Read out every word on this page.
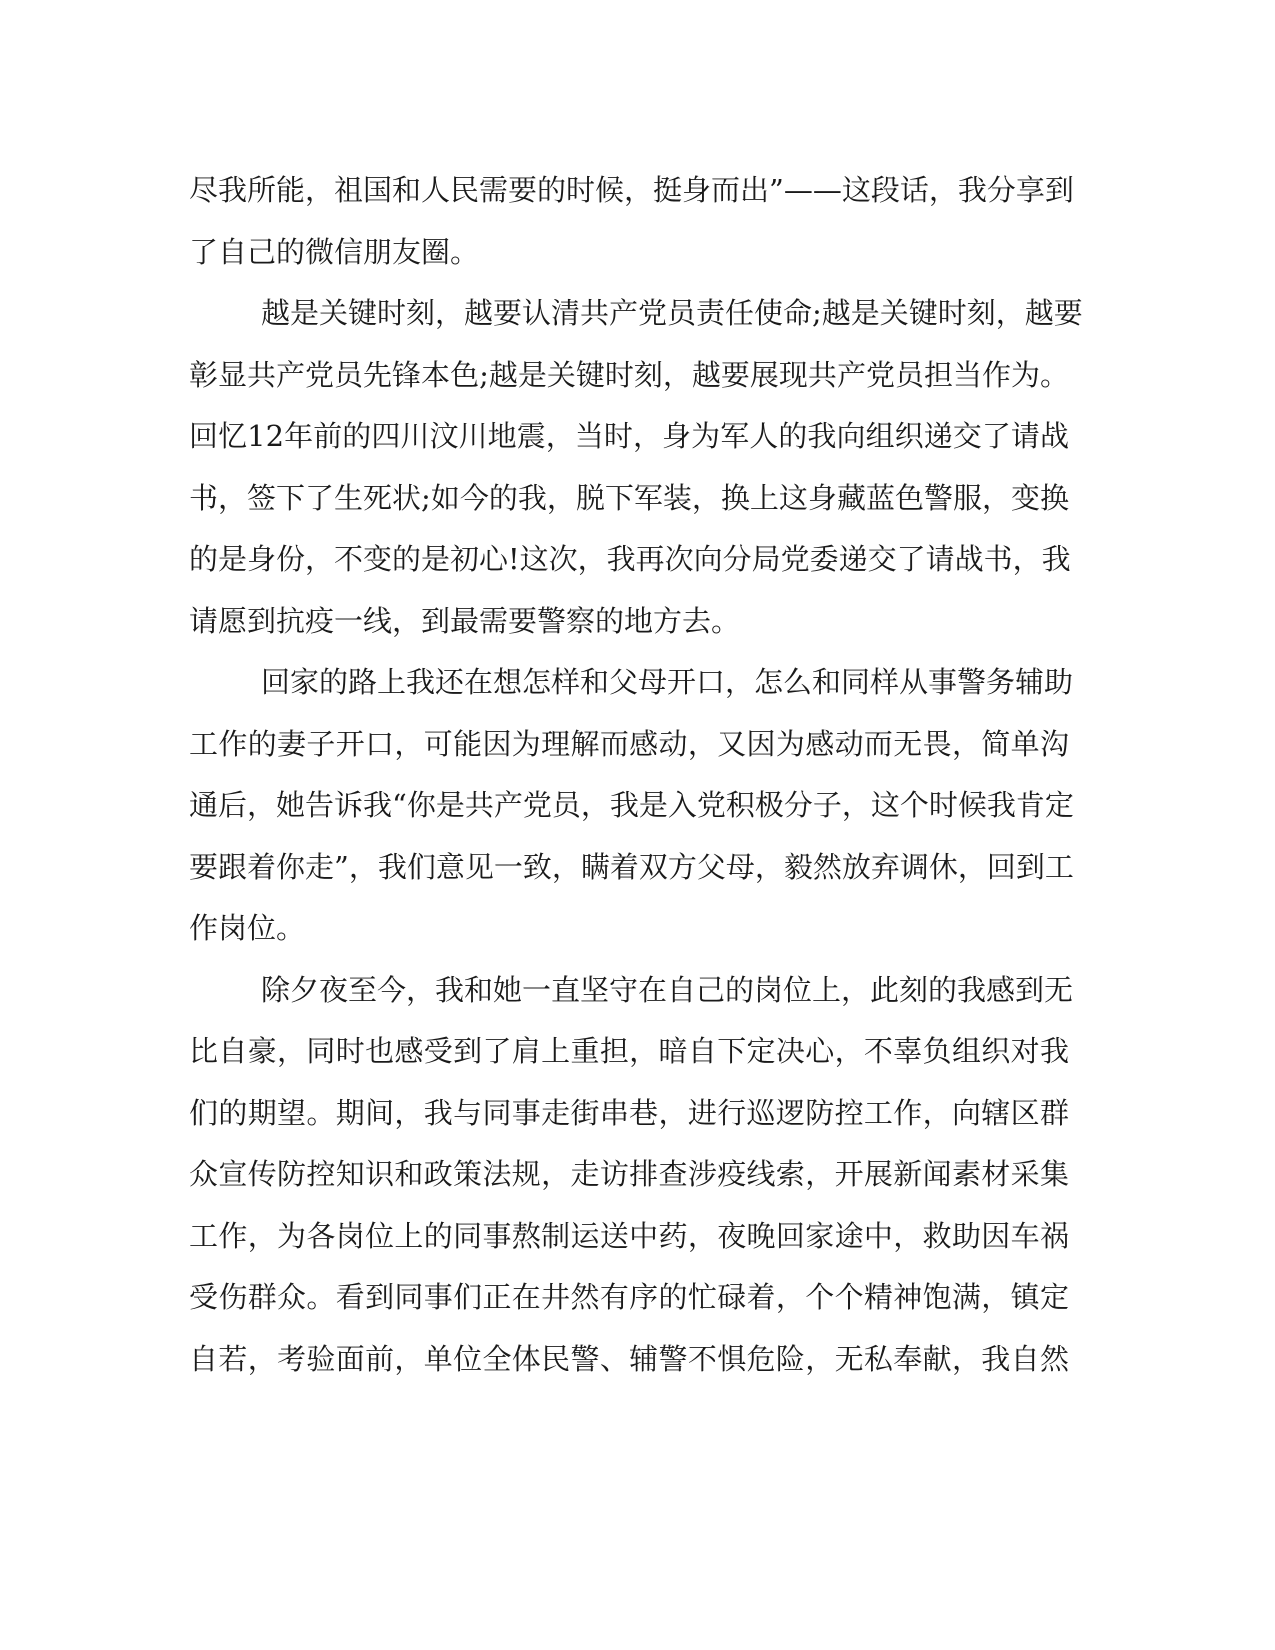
尽我所能，祖国和人民需要的时候，挺身而出”——这段话，我分享到
了自己的微信朋友圈。
越是关键时刻，越要认清共产党员责任使命;越是关键时刻，越要
彰显共产党员先锋本色;越是关键时刻，越要展现共产党员担当作为。
回忆12年前的四川汶川地震，当时，身为军人的我向组织递交了请战
书，签下了生死状;如今的我，脱下军装，换上这身藏蓝色警服，变换
的是身份，不变的是初心!这次，我再次向分局党委递交了请战书，我
请愿到抗疫一线，到最需要警察的地方去。
回家的路上我还在想怎样和父母开口，怎么和同样从事警务辅助
工作的妻子开口，可能因为理解而感动，又因为感动而无畏，简单沟
通后，她告诉我“你是共产党员，我是入党积极分子，这个时候我肯定
要跟着你走”，我们意见一致，瞒着双方父母，毅然放弃调休，回到工
作岗位。
除夕夜至今，我和她一直坚守在自己的岗位上，此刻的我感到无
比自豪，同时也感受到了肩上重担，暗自下定决心，不辜负组织对我
们的期望。期间，我与同事走街串巷，进行巡逻防控工作，向辖区群
众宣传防控知识和政策法规，走访排查涉疫线索，开展新闻素材采集
工作，为各岗位上的同事熬制运送中药，夜晚回家途中，救助因车祸
受伤群众。看到同事们正在井然有序的忙碌着，个个精神饱满，镇定
自若，考验面前，单位全体民警、辅警不惧危险，无私奉献，我自然
